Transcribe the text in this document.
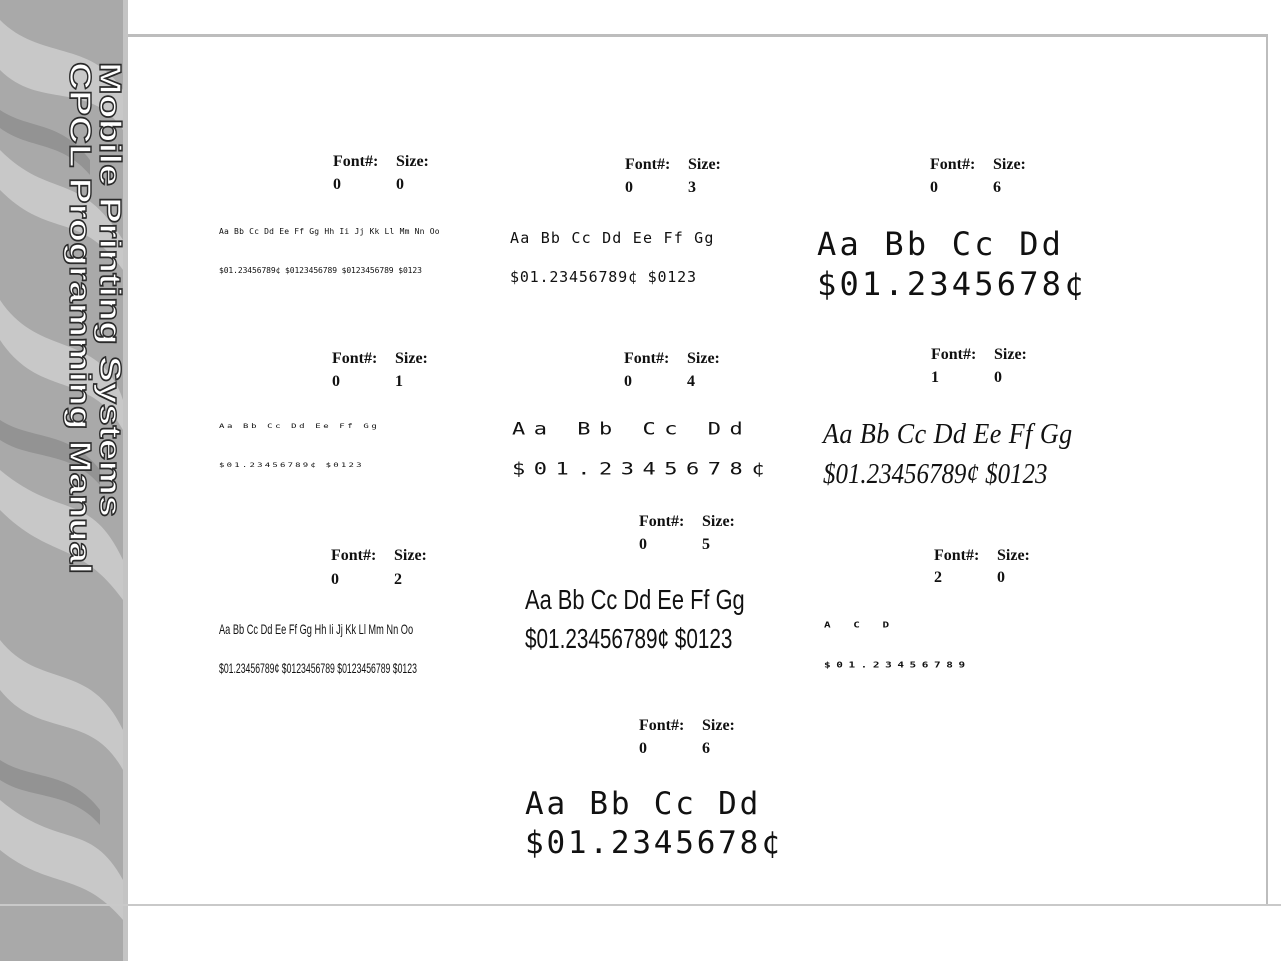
Mobile Printing Systems
CPCL Programming Manual	Font#: Size:
0	0
Aa Bb Cc Dd Ee Ff Gg Hh Ii Jj Kk Ll Mm Nn Oo
$01.23456789¢ $0123456789 $0123456789 $0123
Font#: Size:
0	1
Aa Bb Cc Dd Ee Ff Gg
$01.23456789¢ $0123
Font#: Size:
0	2
Aa Bb Cc Dd Ee Ff Gg Hh Ii Jj Kk Ll Mm Nn Oo
$01.23456789¢ $0123456789 $0123456789 $0123
Font#: Size:
0	3
Aa Bb Cc Dd Ee Ff Gg
$01.23456789¢ $0123
Font#: Size:
0	4
Aa Bb Cc Dd
$01.2345678¢
Font#: Size:
0	5
Aa Bb Cc Dd Ee Ff Gg
$01.23456789¢ $0123
Font#: Size:
0	6
Aa Bb Cc Dd
$01.2345678¢
Font#: Size:
0	6
Aa Bb Cc Dd
$01.2345678¢
Font#: Size:
1	0
Aa Bb Cc Dd Ee Ff Gg
$01.23456789¢ $0123
Font#: Size:
2	0
A C D
$01.23456789
